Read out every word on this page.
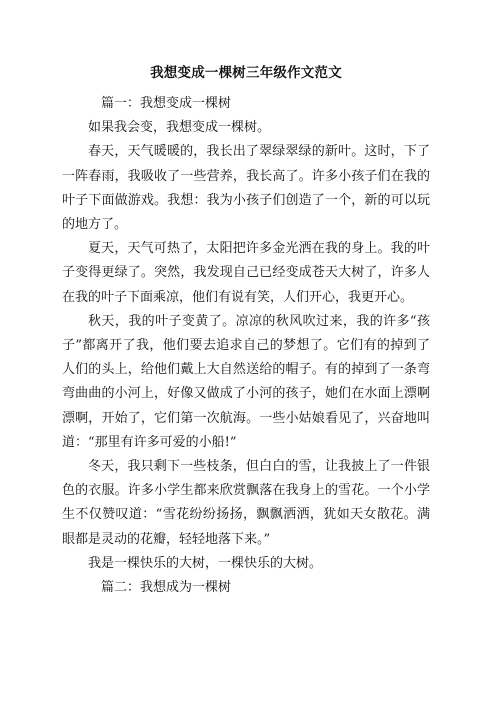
我想变成一棵树三年级作文范文

篇一：我想变成一棵树

如果我会变，我想变成一棵树。

春天，天气暖暖的，我长出了翠绿翠绿的新叶。这时，下了一阵春雨，我吸收了一些营养，我长高了。许多小孩子们在我的叶子下面做游戏。我想：我为小孩子们创造了一个，新的可以玩的地方了。

夏天，天气可热了，太阳把许多金光洒在我的身上。我的叶子变得更绿了。突然，我发现自己已经变成苍天大树了，许多人在我的叶子下面乘凉，他们有说有笑，人们开心，我更开心。

秋天，我的叶子变黄了。凉凉的秋风吹过来，我的许多“孩子”都离开了我，他们要去追求自己的梦想了。它们有的掉到了人们的头上，给他们戴上大自然送给的帽子。有的掉到了一条弯弯曲曲的小河上，好像又做成了小河的孩子，她们在水面上漂啊漂啊，开始了，它们第一次航海。一些小姑娘看见了，兴奋地叫道：“那里有许多可爱的小船!”

冬天，我只剩下一些枝条，但白白的雪，让我披上了一件银色的衣服。许多小学生都来欣赏飘落在我身上的雪花。一个小学生不仅赞叹道：“雪花纷纷扬扬，飘飘洒洒，犹如天女散花。满眼都是灵动的花瓣，轻轻地落下来。”

我是一棵快乐的大树，一棵快乐的大树。

篇二：我想成为一棵树
